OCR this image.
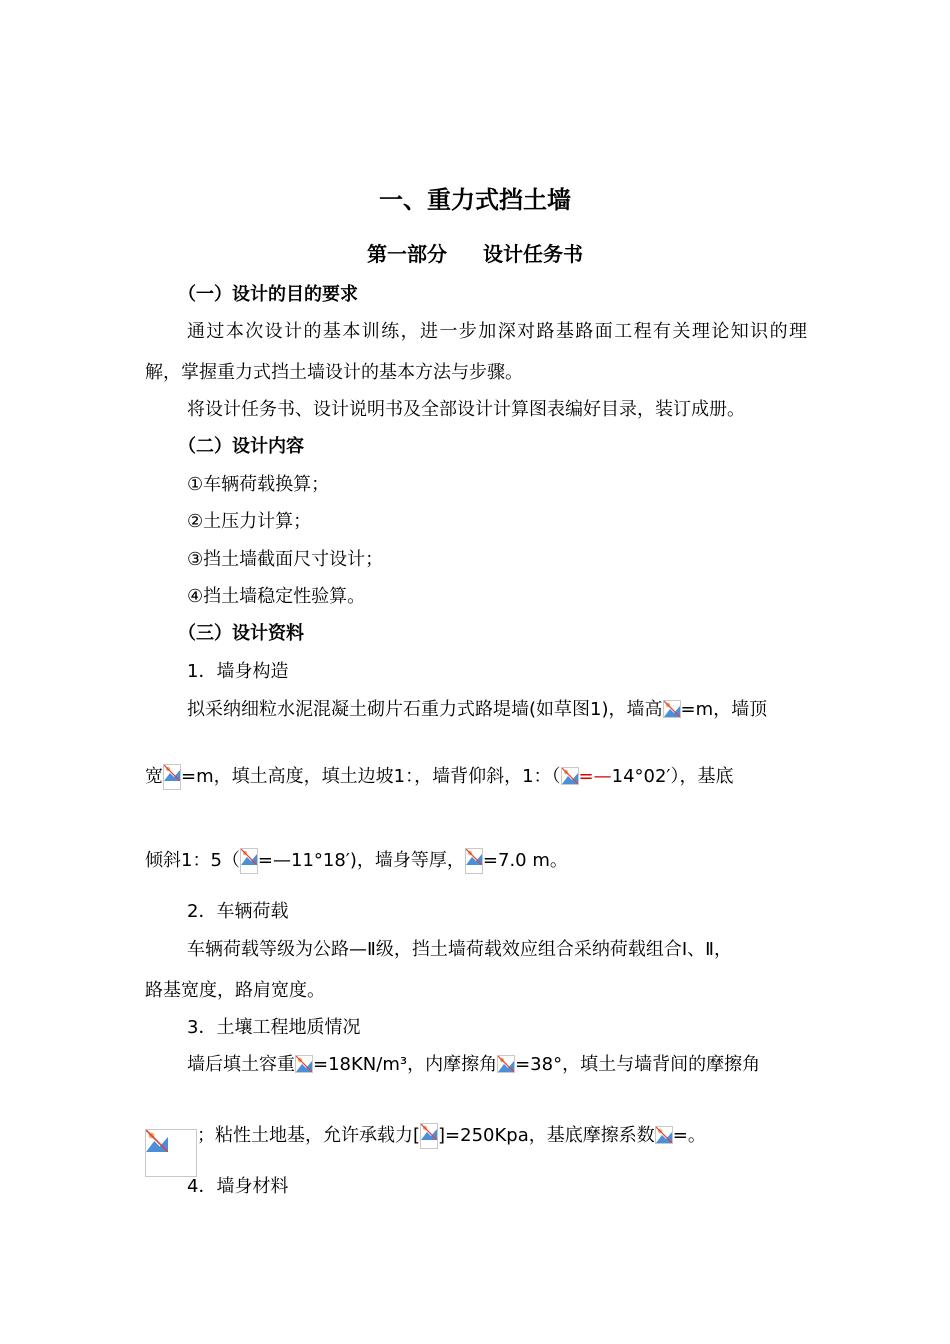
一、重力式挡土墙
第一部分 设计任务书
（一）设计的目的要求
通过本次设计的基本训练，进一步加深对路基路面工程有关理论知识的理
解，掌握重力式挡土墙设计的基本方法与步骤。
将设计任务书、设计说明书及全部设计计算图表编好目录，装订成册。
（二）设计内容
①车辆荷载换算；
②土压力计算；
③挡土墙截面尺寸设计；
④挡土墙稳定性验算。
（三）设计资料
1．墙身构造
拟采纳细粒水泥混凝土砌片石重力式路堤墙(如草图1)，墙高 =m，墙顶
宽 =m，填土高度，填土边坡1：，墙背仰斜，1：（ =—14°02′），基底
倾斜1：5（ =—11°18′)，墙身等厚， =7.0 m。
2．车辆荷载
车辆荷载等级为公路—Ⅱ级，挡土墙荷载效应组合采纳荷载组合Ⅰ、Ⅱ，
路基宽度，路肩宽度。
3．土壤工程地质情况
墙后填土容重 =18KN/m³，内摩擦角 =38°，填土与墙背间的摩擦角
；粘性土地基，允许承载力[ ]=250Kpa，基底摩擦系数 =。
4．墙身材料
